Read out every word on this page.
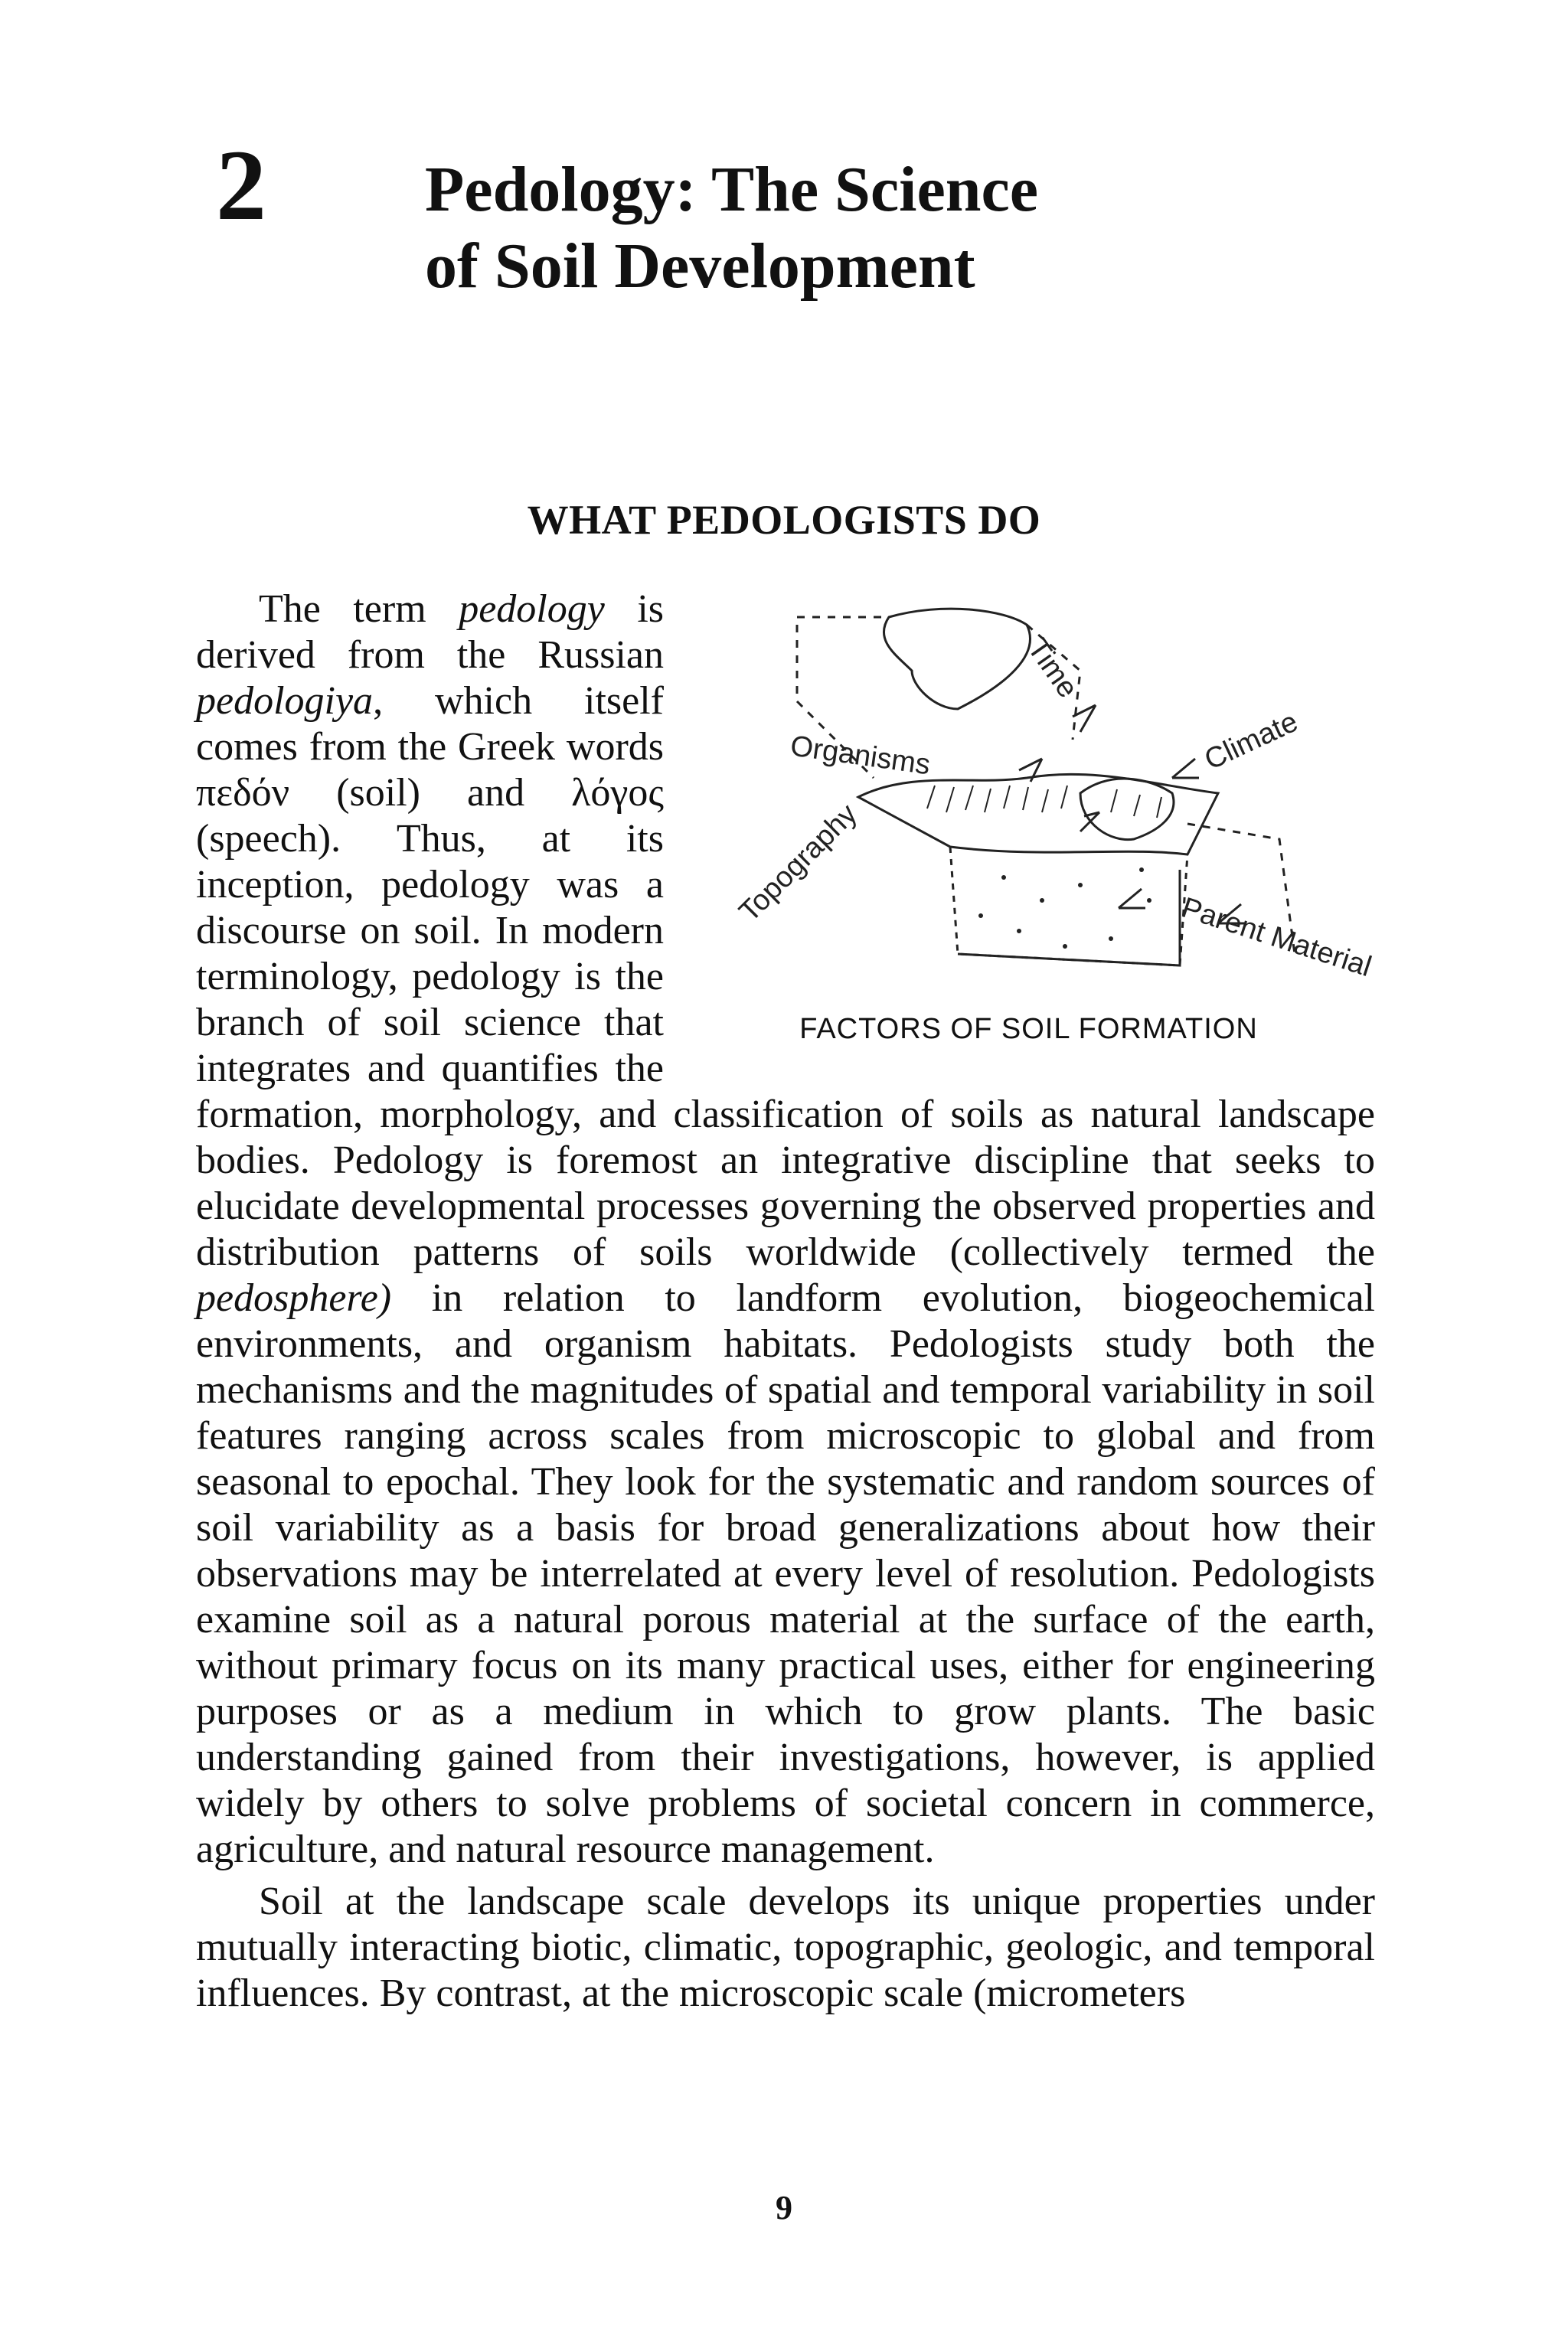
2 Pedology: The Science
of Soil Development
WHAT PEDOLOGISTS DO

Time
Organisms	Climate
Topography
Parent Material
FACTORS OF SOIL FORMATION
The term pedology is derived from the Russian pedologiya, which itself comes from the Greek words πεδόν (soil) and λόγος (speech). Thus, at its inception, pedology was a discourse on soil. In modern terminology, pedology is the branch of soil science that integrates and quantifies the formation, morphology, and classification of soils as natural landscape bodies. Pedology is foremost an integrative discipline that seeks to elucidate developmental processes governing the observed properties and distribution patterns of soils worldwide (collectively termed the pedosphere) in relation to landform evolution, biogeochemical environments, and organism habitats. Pedologists study both the mechanisms and the magnitudes of spatial and temporal variability in soil features ranging across scales from microscopic to global and from seasonal to epochal. They look for the systematic and random sources of soil variability as a basis for broad generalizations about how their observations may be interrelated at every level of resolution. Pedologists examine soil as a natural porous material at the surface of the earth, without primary focus on its many practical uses, either for engineering purposes or as a medium in which to grow plants. The basic understanding gained from their investigations, however, is applied widely by others to solve problems of societal concern in commerce, agriculture, and natural resource management.

Soil at the landscape scale develops its unique properties under mutually interacting biotic, climatic, topographic, geologic, and temporal influences. By contrast, at the microscopic scale (micrometers

9
